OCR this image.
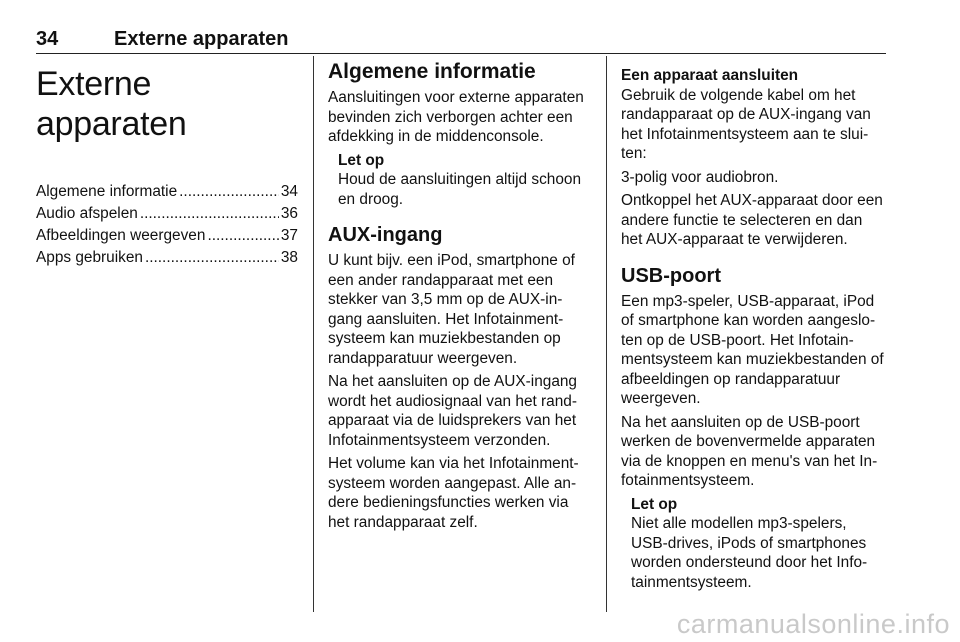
34	Externe apparaten
Externe apparaten
Algemene informatie .....	34
Audio afspelen .....	36
Afbeeldingen weergeven .....	37
Apps gebruiken .....	38
Algemene informatie
Aansluitingen voor externe apparaten bevinden zich verborgen achter een afdekking in de middenconsole.
Let op
Houd de aansluitingen altijd schoon en droog.
AUX-ingang
U kunt bijv. een iPod, smartphone of een ander randapparaat met een stekker van 3,5 mm op de AUX-ingang aansluiten. Het Infotainmentsysteem kan muziekbestanden op randapparatuur weergeven.
Na het aansluiten op de AUX-ingang wordt het audiosignaal van het randapparaat via de luidsprekers van het Infotainmentsysteem verzonden.
Het volume kan via het Infotainmentsysteem worden aangepast. Alle andere bedieningsfuncties werken via het randapparaat zelf.
Een apparaat aansluiten
Gebruik de volgende kabel om het randapparaat op de AUX-ingang van het Infotainmentsysteem aan te sluiten:
3-polig voor audiobron.
Ontkoppel het AUX-apparaat door een andere functie te selecteren en dan het AUX-apparaat te verwijderen.
USB-poort
Een mp3-speler, USB-apparaat, iPod of smartphone kan worden aangesloten op de USB-poort. Het Infotainmentsysteem kan muziekbestanden of afbeeldingen op randapparatuur weergeven.
Na het aansluiten op de USB-poort werken de bovenvermelde apparaten via de knoppen en menu's van het Infotainmentsysteem.
Let op
Niet alle modellen mp3-spelers, USB-drives, iPods of smartphones worden ondersteund door het Infotainmentsysteem.
carmanualsonline.info
